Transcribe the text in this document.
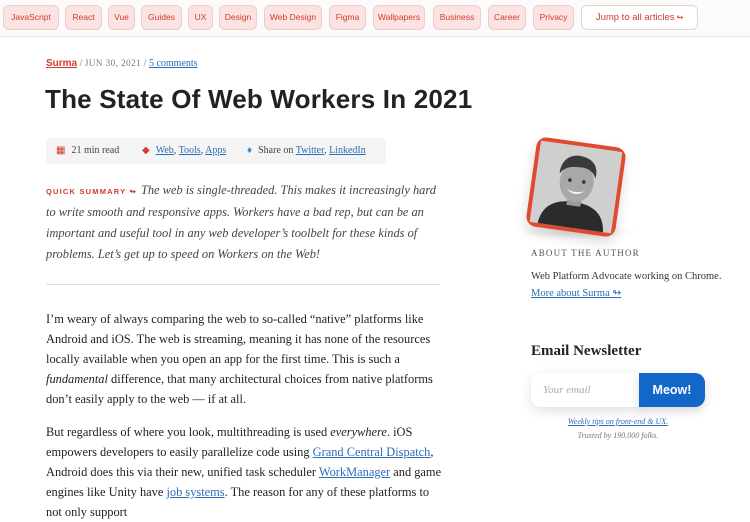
JavaScript	React	Vue	Guides	UX	Design	Web Design	Figma	Wallpapers	Business	Career	Privacy	Jump to all articles ↬
Surma / JUN 30, 2021 / 5 comments
The State Of Web Workers In 2021
▦ 21 min read ◆ Web, Tools, Apps ♦ Share on Twitter, LinkedIn

QUICK SUMMARY ↬ The web is single-threaded. This makes it increasingly hard to write smooth and responsive apps. Workers have a bad rep, but can be an important and useful tool in any web developer’s toolbelt for these kinds of problems. Let’s get up to speed on Workers on the Web!

I’m weary of always comparing the web to so-called “native” platforms like Android and iOS. The web is streaming, meaning it has none of the resources locally available when you open an app for the first time. This is such a fundamental difference, that many architectural choices from native platforms don’t easily apply to the web — if at all.

But regardless of where you look, multithreading is used everywhere. iOS empowers developers to easily parallelize code using Grand Central Dispatch, Android does this via their new, unified task scheduler WorkManager and game engines like Unity have job systems. The reason for any of these platforms to not only support

ABOUT THE AUTHOR

Web Platform Advocate working on Chrome. More about Surma ↬

Email Newsletter
Your email	Meow!
Weekly tips on front-end & UX.
Trusted by 190.000 folks.
